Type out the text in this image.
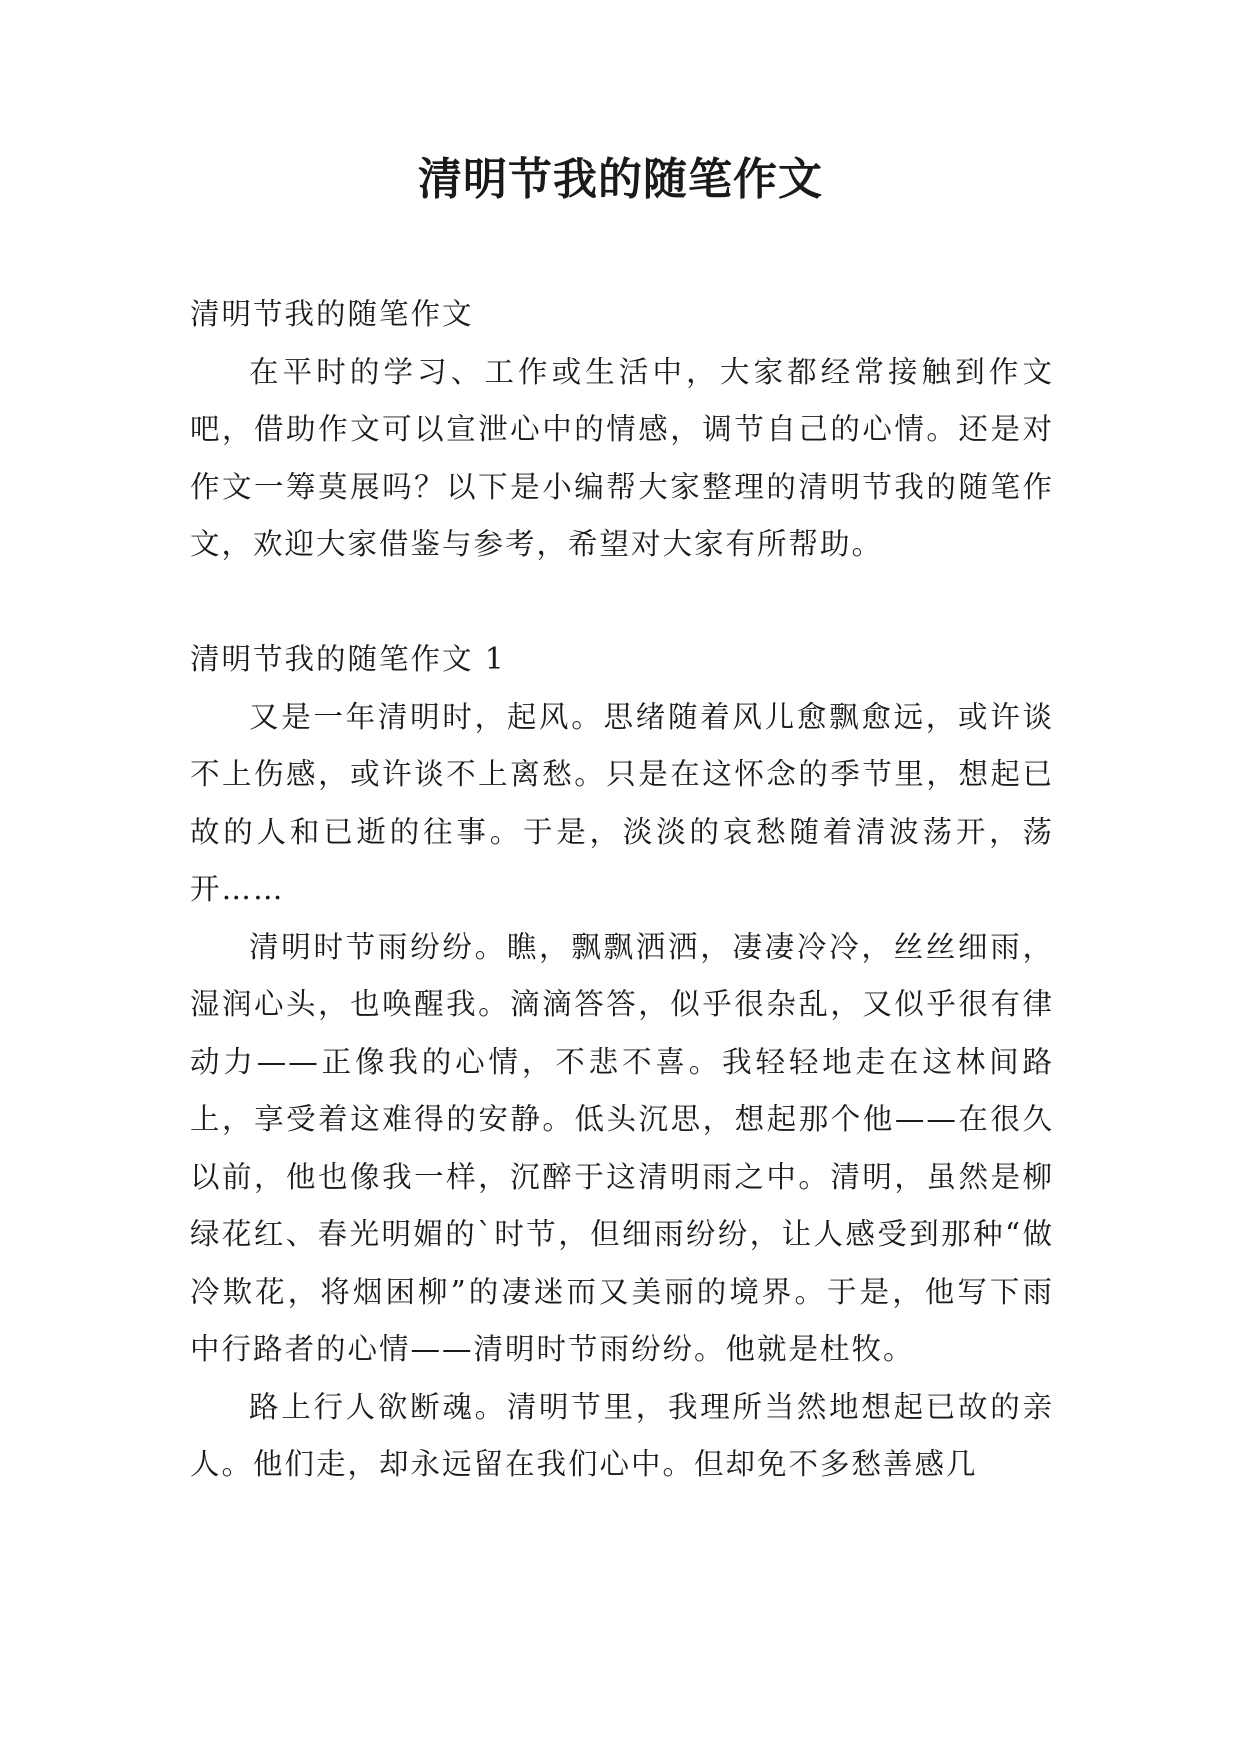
清明节我的随笔作文

清明节我的随笔作文

在平时的学习、工作或生活中，大家都经常接触到作文吧，借助作文可以宣泄心中的情感，调节自己的心情。还是对作文一筹莫展吗？以下是小编帮大家整理的清明节我的随笔作文，欢迎大家借鉴与参考，希望对大家有所帮助。

清明节我的随笔作文 1

又是一年清明时，起风。思绪随着风儿愈飘愈远，或许谈不上伤感，或许谈不上离愁。只是在这怀念的季节里，想起已故的人和已逝的往事。于是，淡淡的哀愁随着清波荡开，荡开……

清明时节雨纷纷。瞧，飘飘洒洒，凄凄冷冷，丝丝细雨，湿润心头，也唤醒我。滴滴答答，似乎很杂乱，又似乎很有律动力——正像我的心情，不悲不喜。我轻轻地走在这林间路上，享受着这难得的安静。低头沉思，想起那个他——在很久以前，他也像我一样，沉醉于这清明雨之中。清明，虽然是柳绿花红、春光明媚的`时节，但细雨纷纷，让人感受到那种“做冷欺花，将烟困柳”的凄迷而又美丽的境界。于是，他写下雨中行路者的心情——清明时节雨纷纷。他就是杜牧。

路上行人欲断魂。清明节里，我理所当然地想起已故的亲人。他们走，却永远留在我们心中。但却免不多愁善感几
